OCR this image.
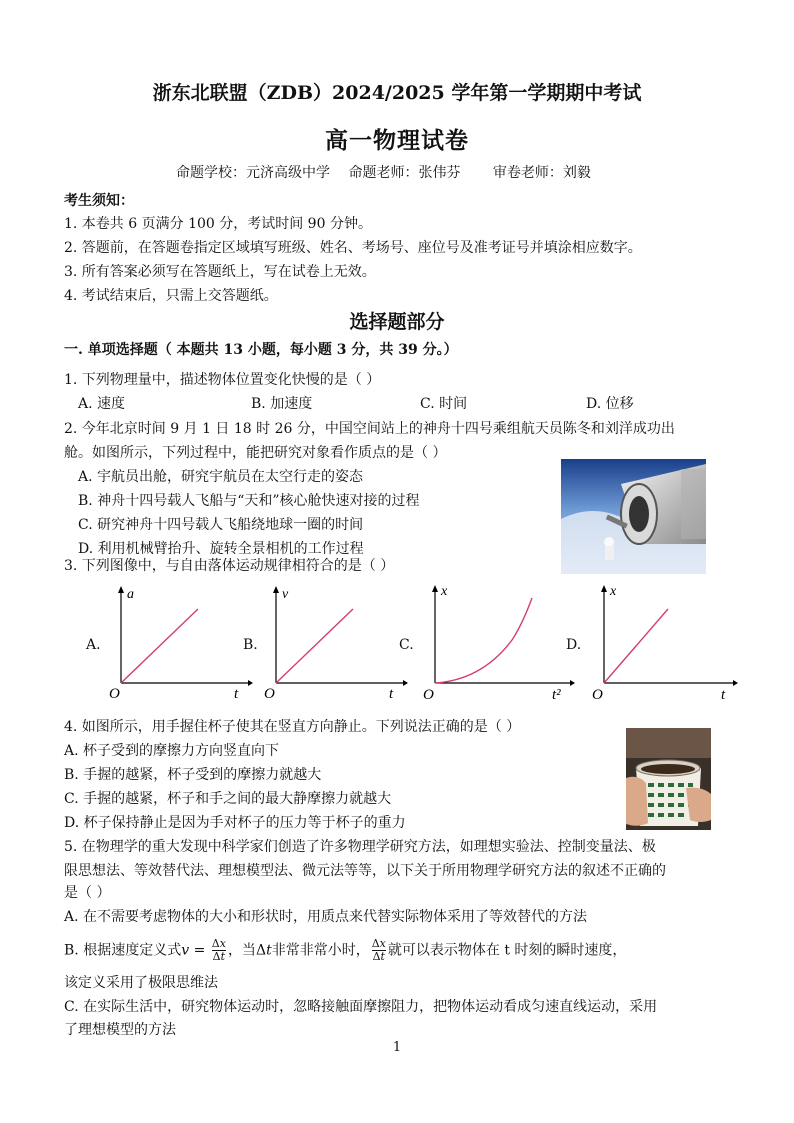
浙东北联盟（ZDB）2024/2025 学年第一学期期中考试
高一物理试卷
命题学校：元济高级中学 命题老师：张伟芬 审卷老师：刘毅
考生须知：
1. 本卷共 6 页满分 100 分，考试时间 90 分钟。
2. 答题前，在答题卷指定区域填写班级、姓名、考场号、座位号及准考证号并填涂相应数字。
3. 所有答案必须写在答题纸上，写在试卷上无效。
4. 考试结束后，只需上交答题纸。
选择题部分
一. 单项选择题（ 本题共 13 小题，每小题 3 分，共 39 分。）
1. 下列物理量中，描述物体位置变化快慢的是（ ）
A. 速度	B. 加速度	C. 时间	D. 位移
2. 今年北京时间 9 月 1 日 18 时 26 分，中国空间站上的神舟十四号乘组航天员陈冬和刘洋成功出
舱。如图所示，下列过程中，能把研究对象看作质点的是（ ）
A. 宇航员出舱，研究宇航员在太空行走的姿态
B. 神舟十四号载人飞船与“天和”核心舱快速对接的过程
C. 研究神舟十四号载人飞船绕地球一圈的时间
D. 利用机械臂抬升、旋转全景相机的工作过程
3. 下列图像中，与自由落体运动规律相符合的是（ ）
A.	B.	C.	D.
a
O	t
v
O	t
x
O	t²
x
O	t
4. 如图所示，用手握住杯子使其在竖直方向静止。下列说法正确的是（ ）
A. 杯子受到的摩擦力方向竖直向下
B. 手握的越紧，杯子受到的摩擦力就越大
C. 手握的越紧，杯子和手之间的最大静摩擦力就越大
D. 杯子保持静止是因为手对杯子的压力等于杯子的重力
5. 在物理学的重大发现中科学家们创造了许多物理学研究方法，如理想实验法、控制变量法、极
限思想法、等效替代法、理想模型法、微元法等等，以下关于所用物理学研究方法的叙述不正确的
是（ ）
A. 在不需要考虑物体的大小和形状时，用质点来代替实际物体采用了等效替代的方法
B. 根据速度定义式$v = \frac{\Delta x}{\Delta t}$ ，当Δt非常非常小时， $\frac{\Delta x}{\Delta t}$ 就可以表示物体在 t 时刻的瞬时速度，
该定义采用了极限思维法
C. 在实际生活中，研究物体运动时，忽略接触面摩擦阻力，把物体运动看成匀速直线运动，采用
了理想模型的方法
1
